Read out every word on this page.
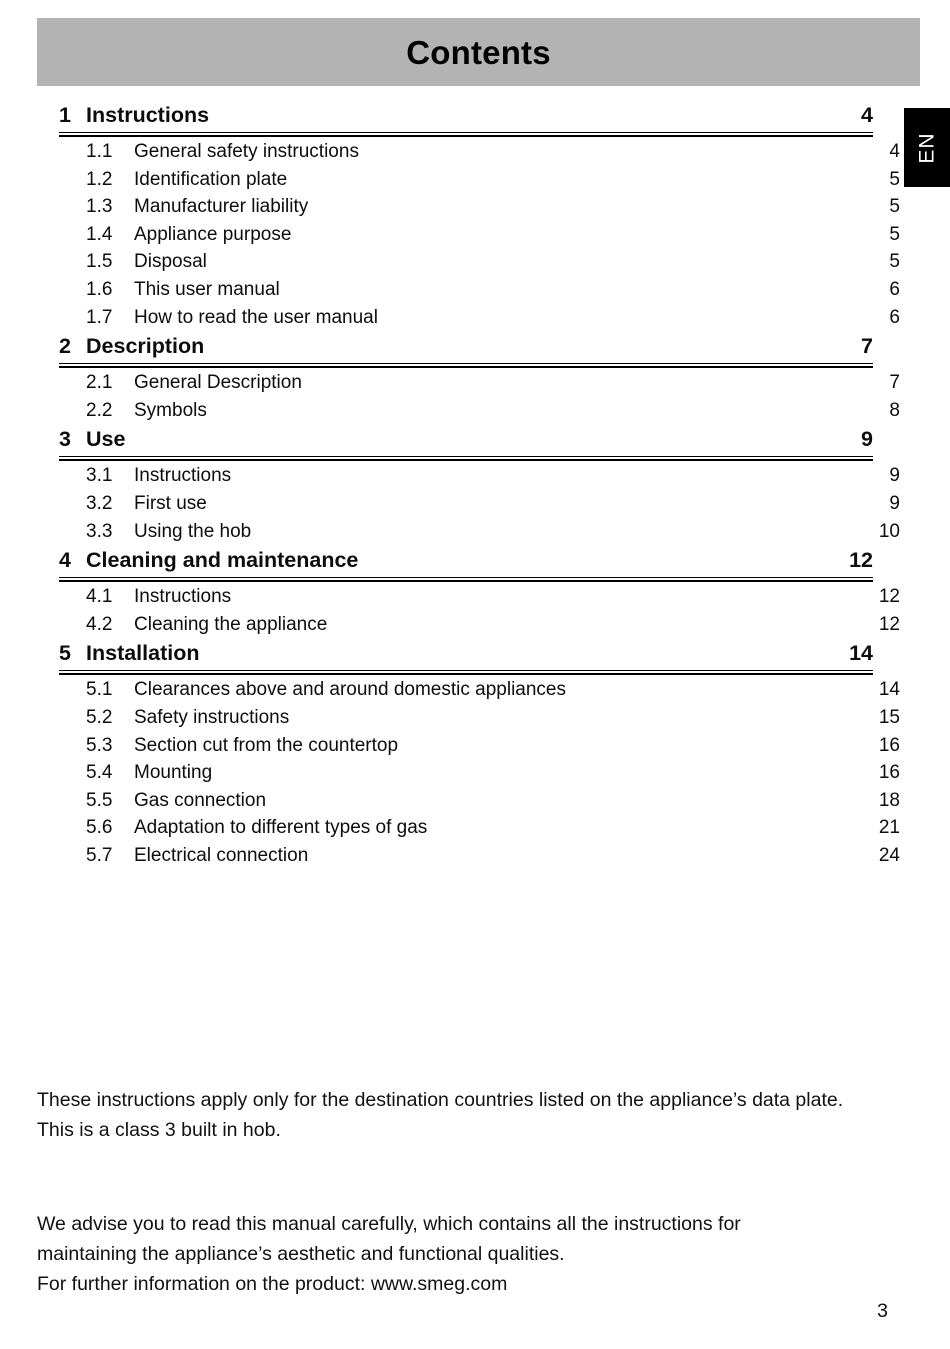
Contents
EN
1 Instructions	4
1.1	General safety instructions	4
1.2	Identification plate	5
1.3	Manufacturer liability	5
1.4	Appliance purpose	5
1.5	Disposal	5
1.6	This user manual	6
1.7	How to read the user manual	6
2 Description	7
2.1	General Description	7
2.2	Symbols	8
3 Use	9
3.1	Instructions	9
3.2	First use	9
3.3	Using the hob	10
4 Cleaning and maintenance	12
4.1	Instructions	12
4.2	Cleaning the appliance	12
5 Installation	14
5.1	Clearances above and around domestic appliances	14
5.2	Safety instructions	15
5.3	Section cut from the countertop	16
5.4	Mounting	16
5.5	Gas connection	18
5.6	Adaptation to different types of gas	21
5.7	Electrical connection	24
These instructions apply only for the destination countries listed on the appliance’s data plate.
This is a class 3 built in hob.
We advise you to read this manual carefully, which contains all the instructions for
maintaining the appliance’s aesthetic and functional qualities.
For further information on the product: www.smeg.com
3
